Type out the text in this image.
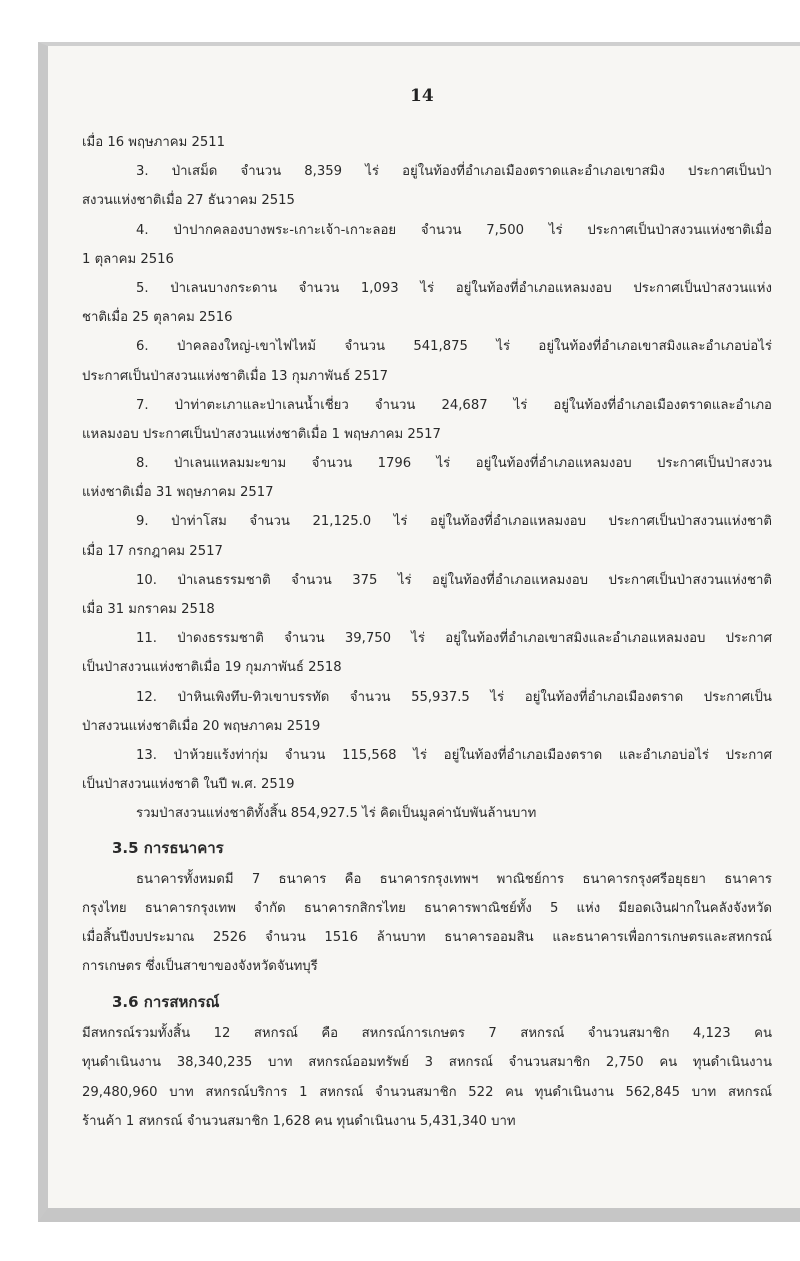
14
เมื่อ 16 พฤษภาคม 2511
3. ป่าเสม็ด จำนวน 8,359 ไร่ อยู่ในท้องที่อำเภอเมืองตราดและอำเภอเขาสมิง ประกาศเป็นป่า
สงวนแห่งชาติเมื่อ 27 ธันวาคม 2515
4. ป่าปากคลองบางพระ-เกาะเจ้า-เกาะลอย จำนวน 7,500 ไร่ ประกาศเป็นป่าสงวนแห่งชาติเมื่อ
1 ตุลาคม 2516
5. ป่าเลนบางกระดาน จำนวน 1,093 ไร่ อยู่ในท้องที่อำเภอแหลมงอบ ประกาศเป็นป่าสงวนแห่ง
ชาติเมื่อ 25 ตุลาคม 2516
6. ป่าคลองใหญ่-เขาไฟไหม้ จำนวน 541,875 ไร่ อยู่ในท้องที่อำเภอเขาสมิงและอำเภอบ่อไร่
ประกาศเป็นป่าสงวนแห่งชาติเมื่อ 13 กุมภาพันธ์ 2517
7. ป่าท่าตะเภาและป่าเลนน้ำเชี่ยว จำนวน 24,687 ไร่ อยู่ในท้องที่อำเภอเมืองตราดและอำเภอ
แหลมงอบ ประกาศเป็นป่าสงวนแห่งชาติเมื่อ 1 พฤษภาคม 2517
8. ป่าเลนแหลมมะขาม จำนวน 1796 ไร่ อยู่ในท้องที่อำเภอแหลมงอบ ประกาศเป็นป่าสงวน
แห่งชาติเมื่อ 31 พฤษภาคม 2517
9. ป่าท่าโสม จำนวน 21,125.0 ไร่ อยู่ในท้องที่อำเภอแหลมงอบ ประกาศเป็นป่าสงวนแห่งชาติ
เมื่อ 17 กรกฎาคม 2517
10. ป่าเลนธรรมชาติ จำนวน 375 ไร่ อยู่ในท้องที่อำเภอแหลมงอบ ประกาศเป็นป่าสงวนแห่งชาติ
เมื่อ 31 มกราคม 2518
11. ป่าดงธรรมชาติ จำนวน 39,750 ไร่ อยู่ในท้องที่อำเภอเขาสมิงและอำเภอแหลมงอบ ประกาศ
เป็นป่าสงวนแห่งชาติเมื่อ 19 กุมภาพันธ์ 2518
12. ป่าหินเพิงทึบ-ทิวเขาบรรทัด จำนวน 55,937.5 ไร่ อยู่ในท้องที่อำเภอเมืองตราด ประกาศเป็น
ป่าสงวนแห่งชาติเมื่อ 20 พฤษภาคม 2519
13. ป่าห้วยแร้งท่ากุ่ม จำนวน 115,568 ไร่ อยู่ในท้องที่อำเภอเมืองตราด และอำเภอบ่อไร่ ประกาศ
เป็นป่าสงวนแห่งชาติ ในปี พ.ศ. 2519
รวมป่าสงวนแห่งชาติทั้งสิ้น 854,927.5 ไร่ คิดเป็นมูลค่านับพันล้านบาท
3.5 การธนาคาร
ธนาคารทั้งหมดมี 7 ธนาคาร คือ ธนาคารกรุงเทพฯ พาณิชย์การ ธนาคารกรุงศรีอยุธยา ธนาคาร
กรุงไทย ธนาคารกรุงเทพ จำกัด ธนาคารกสิกรไทย ธนาคารพาณิชย์ทั้ง 5 แห่ง มียอดเงินฝากในคลังจังหวัด
เมื่อสิ้นปีงบประมาณ 2526 จำนวน 1516 ล้านบาท ธนาคารออมสิน และธนาคารเพื่อการเกษตรและสหกรณ์
การเกษตร ซึ่งเป็นสาขาของจังหวัดจันทบุรี
3.6 การสหกรณ์
มีสหกรณ์รวมทั้งสิ้น 12 สหกรณ์ คือ สหกรณ์การเกษตร 7 สหกรณ์ จำนวนสมาชิก 4,123 คน
ทุนดำเนินงาน 38,340,235 บาท สหกรณ์ออมทรัพย์ 3 สหกรณ์ จำนวนสมาชิก 2,750 คน ทุนดำเนินงาน
29,480,960 บาท สหกรณ์บริการ 1 สหกรณ์ จำนวนสมาชิก 522 คน ทุนดำเนินงาน 562,845 บาท สหกรณ์
ร้านค้า 1 สหกรณ์ จำนวนสมาชิก 1,628 คน ทุนดำเนินงาน 5,431,340 บาท
